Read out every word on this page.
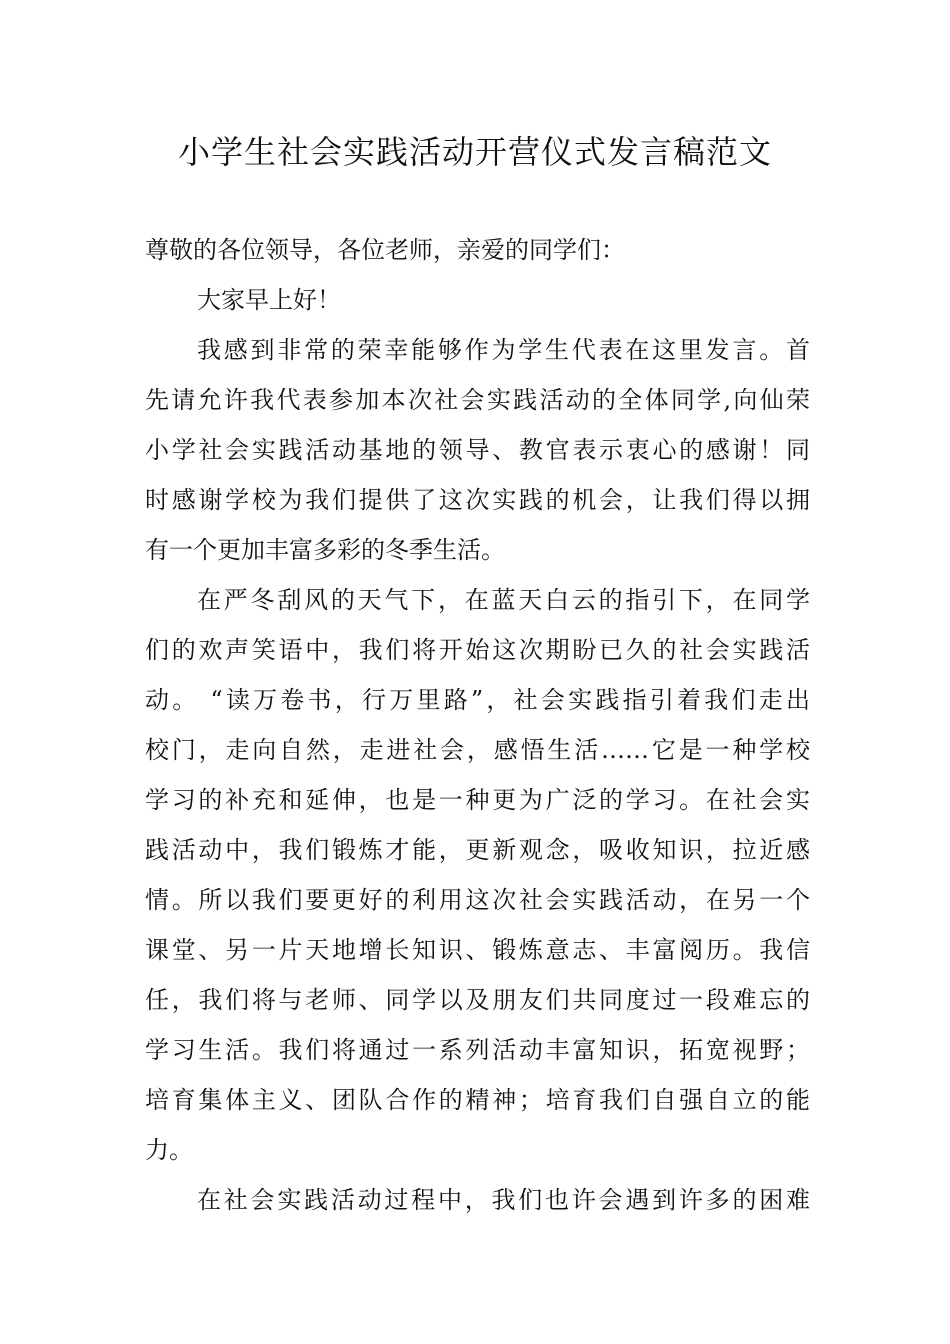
小学生社会实践活动开营仪式发言稿范文
尊敬的各位领导，各位老师，亲爱的同学们：
大家早上好！
我感到非常的荣幸能够作为学生代表在这里发言。首
先请允许我代表参加本次社会实践活动的全体同学,向仙荣
小学社会实践活动基地的领导、教官表示衷心的感谢！同
时感谢学校为我们提供了这次实践的机会，让我们得以拥
有一个更加丰富多彩的冬季生活。
在严冬刮风的天气下，在蓝天白云的指引下，在同学
们的欢声笑语中，我们将开始这次期盼已久的社会实践活
动。 “读万卷书，行万里路”，社会实践指引着我们走出
校门，走向自然，走进社会，感悟生活……它是一种学校
学习的补充和延伸，也是一种更为广泛的学习。在社会实
践活动中，我们锻炼才能，更新观念，吸收知识，拉近感
情。所以我们要更好的利用这次社会实践活动，在另一个
课堂、另一片天地增长知识、锻炼意志、丰富阅历。我信
任，我们将与老师、同学以及朋友们共同度过一段难忘的
学习生活。我们将通过一系列活动丰富知识，拓宽视野；
培育集体主义、团队合作的精神；培育我们自强自立的能
力。
在社会实践活动过程中，我们也许会遇到许多的困难
